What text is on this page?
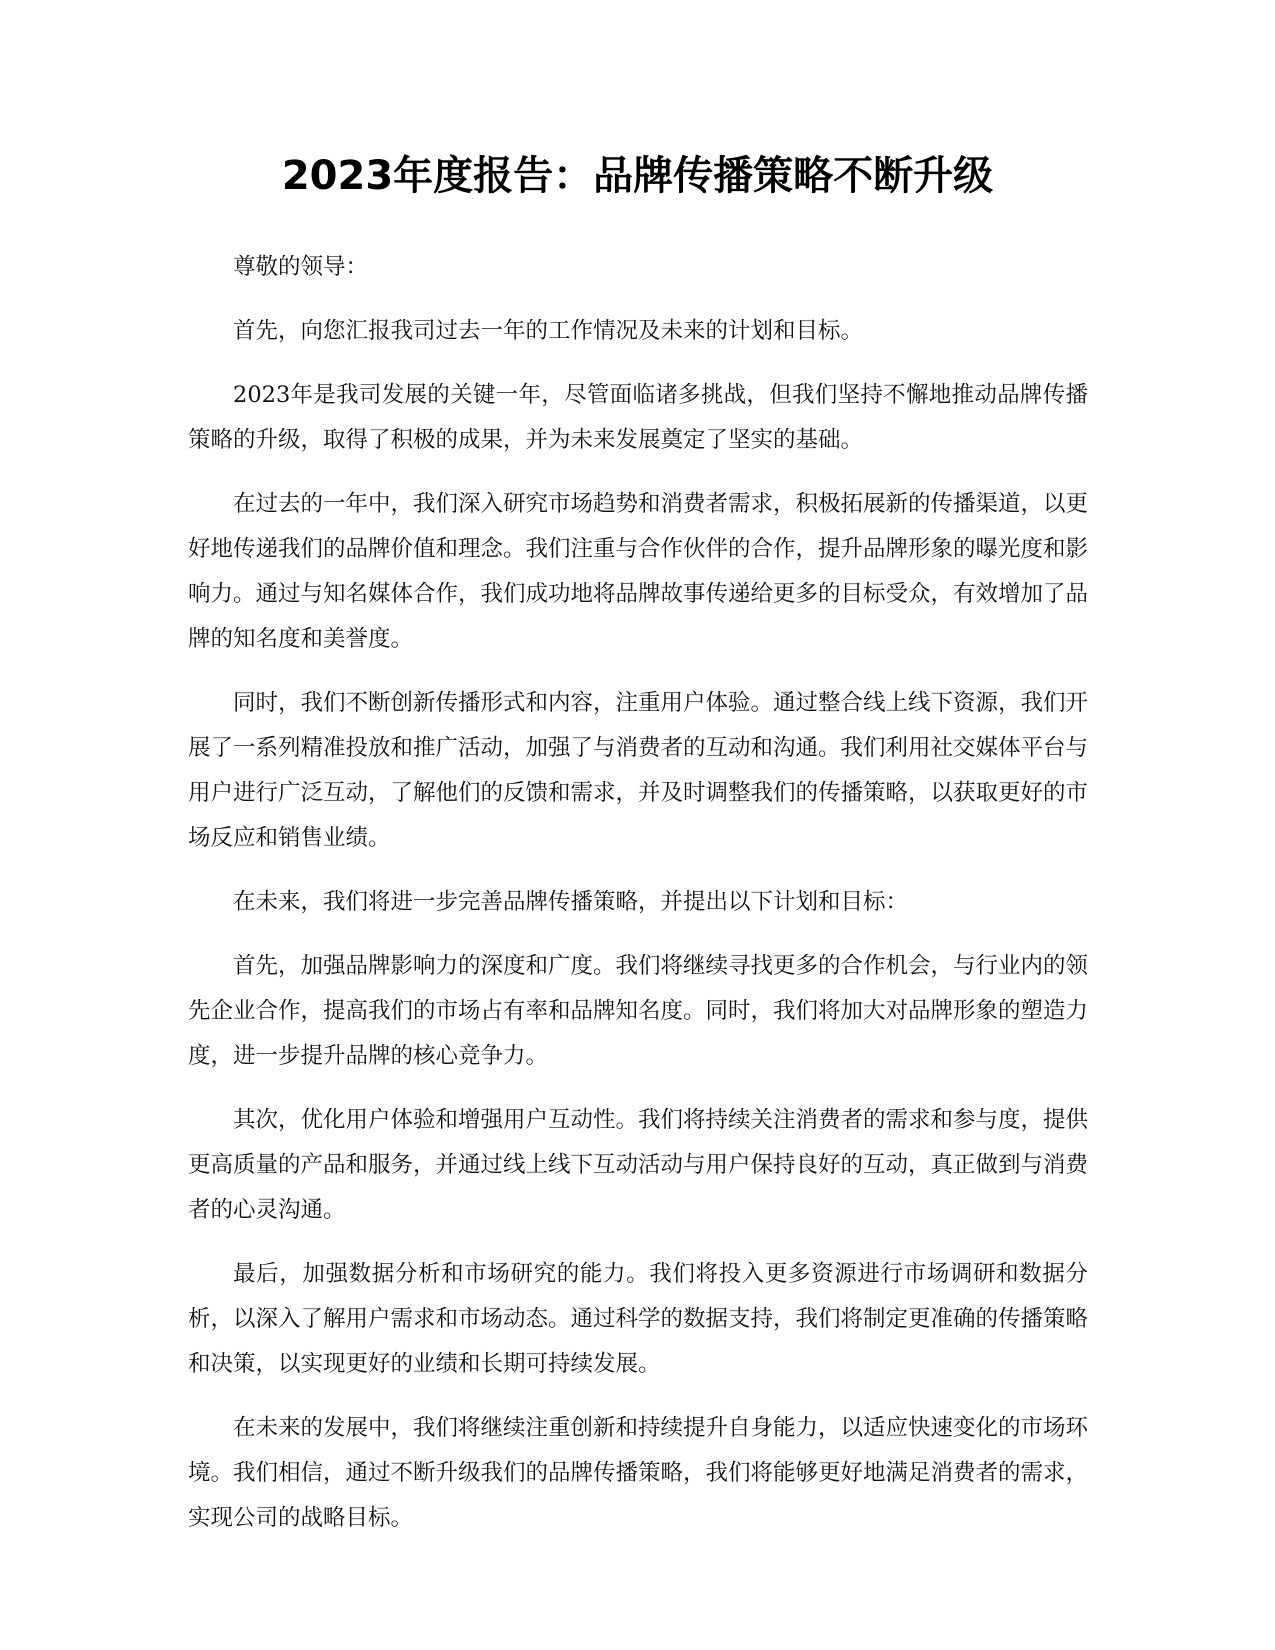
2023年度报告：品牌传播策略不断升级

尊敬的领导：

首先，向您汇报我司过去一年的工作情况及未来的计划和目标。

2023年是我司发展的关键一年，尽管面临诸多挑战，但我们坚持不懈地推动品牌传播策略的升级，取得了积极的成果，并为未来发展奠定了坚实的基础。

在过去的一年中，我们深入研究市场趋势和消费者需求，积极拓展新的传播渠道，以更好地传递我们的品牌价值和理念。我们注重与合作伙伴的合作，提升品牌形象的曝光度和影响力。通过与知名媒体合作，我们成功地将品牌故事传递给更多的目标受众，有效增加了品牌的知名度和美誉度。

同时，我们不断创新传播形式和内容，注重用户体验。通过整合线上线下资源，我们开展了一系列精准投放和推广活动，加强了与消费者的互动和沟通。我们利用社交媒体平台与用户进行广泛互动，了解他们的反馈和需求，并及时调整我们的传播策略，以获取更好的市场反应和销售业绩。

在未来，我们将进一步完善品牌传播策略，并提出以下计划和目标：

首先，加强品牌影响力的深度和广度。我们将继续寻找更多的合作机会，与行业内的领先企业合作，提高我们的市场占有率和品牌知名度。同时，我们将加大对品牌形象的塑造力度，进一步提升品牌的核心竞争力。

其次，优化用户体验和增强用户互动性。我们将持续关注消费者的需求和参与度，提供更高质量的产品和服务，并通过线上线下互动活动与用户保持良好的互动，真正做到与消费者的心灵沟通。

最后，加强数据分析和市场研究的能力。我们将投入更多资源进行市场调研和数据分析，以深入了解用户需求和市场动态。通过科学的数据支持，我们将制定更准确的传播策略和决策，以实现更好的业绩和长期可持续发展。

在未来的发展中，我们将继续注重创新和持续提升自身能力，以适应快速变化的市场环境。我们相信，通过不断升级我们的品牌传播策略，我们将能够更好地满足消费者的需求，实现公司的战略目标。
